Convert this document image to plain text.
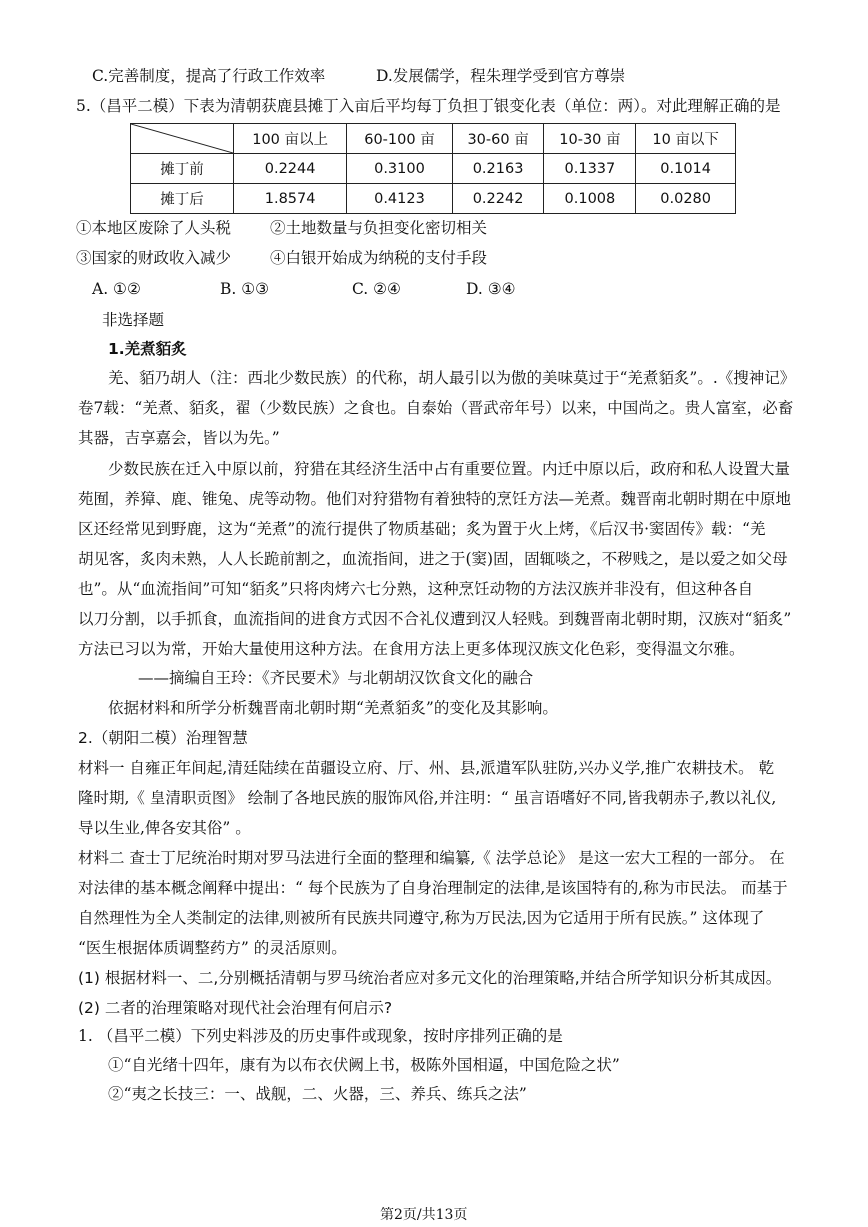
C.完善制度，提高了行政工作效率	D.发展儒学，程朱理学受到官方尊崇
5.（昌平二模）下表为清朝获鹿县摊丁入亩后平均每丁负担丁银变化表（单位：两）。对此理解正确的是
	100 亩以上	60-100 亩	30-60 亩	10-30 亩	10 亩以下
摊丁前	0.2244	0.3100	0.2163	0.1337	0.1014
摊丁后	1.8574	0.4123	0.2242	0.1008	0.0280
①本地区废除了人头税	②土地数量与负担变化密切相关
③国家的财政收入减少	④白银开始成为纳税的支付手段
A. ①②	B. ①③	C. ②④	D. ③④
非选择题
1.羌煮貊炙
羌、貊乃胡人（注：西北少数民族）的代称，胡人最引以为傲的美味莫过于“羌煮貊炙”。.《搜神记》
卷7载：“羌煮、貊炙，翟（少数民族）之食也。自泰始（晋武帝年号）以来，中国尚之。贵人富室，必畜
其器，吉享嘉会，皆以为先。”
少数民族在迁入中原以前，狩猎在其经济生活中占有重要位置。内迁中原以后，政府和私人设置大量
苑囿，养獐、鹿、锥兔、虎等动物。他们对狩猎物有着独特的烹饪方法—羌煮。魏晋南北朝时期在中原地
区还经常见到野鹿，这为“羌煮”的流行提供了物质基础；炙为置于火上烤，《后汉书·窦固传》载：“羌
胡见客，炙肉未熟，人人长跪前割之，血流指间，进之于(窦)固，固辄啖之，不秽贱之，是以爱之如父母
也”。从“血流指间”可知“貊炙”只将肉烤六七分熟，这种烹饪动物的方法汉族并非没有，但这种各自
以刀分割，以手抓食，血流指间的进食方式因不合礼仪遭到汉人轻贱。到魏晋南北朝时期，汉族对“貊炙”
方法已习以为常，开始大量使用这种方法。在食用方法上更多体现汉族文化色彩，变得温文尔雅。
——摘编自王玲：《齐民要术》与北朝胡汉饮食文化的融合
依据材料和所学分析魏晋南北朝时期“羌煮貊炙”的变化及其影响。
2.（朝阳二模）治理智慧
材料一 自雍正年间起,清廷陆续在苗疆设立府、厅、州、县,派遣军队驻防,兴办义学,推广农耕技术。 乾
隆时期,《 皇清职贡图》 绘制了各地民族的服饰风俗,并注明：“ 虽言语嗜好不同,皆我朝赤子,教以礼仪,
导以生业,俾各安其俗” 。
材料二 查士丁尼统治时期对罗马法进行全面的整理和编纂,《 法学总论》 是这一宏大工程的一部分。 在
对法律的基本概念阐释中提出：“ 每个民族为了自身治理制定的法律,是该国特有的,称为市民法。 而基于
自然理性为全人类制定的法律,则被所有民族共同遵守,称为万民法,因为它适用于所有民族。” 这体现了
“医生根据体质调整药方” 的灵活原则。
(1) 根据材料一、二,分别概括清朝与罗马统治者应对多元文化的治理策略,并结合所学知识分析其成因。
(2) 二者的治理策略对现代社会治理有何启示?
1. （昌平二模）下列史料涉及的历史事件或现象，按时序排列正确的是
①“自光绪十四年，康有为以布衣伏阙上书，极陈外国相逼，中国危险之状”
②“夷之长技三：一、战舰，二、火器，三、养兵、练兵之法”
第2页/共13页
